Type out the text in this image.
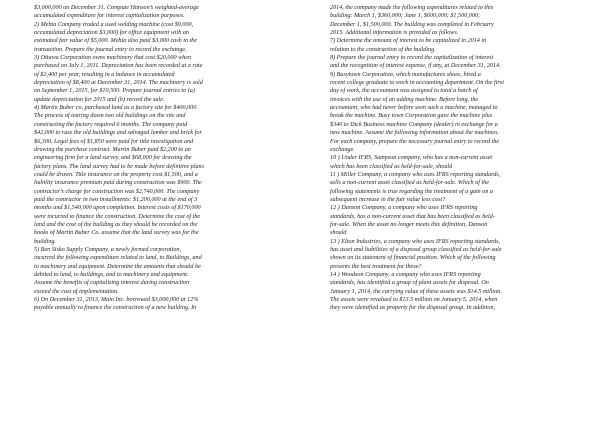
$3,000,000 on December 31. Compute Hanson’s weighted-average

accumulated expenditure for interest capitalization purposes.

2) Mehta Company traded a used welding machine (cost $9,000,

accumulated depreciation $3,000) for office equipment with an

estimated fair value of $5,000. Mehta also paid $3,000 cash in the

transaction. Prepare the journal entry to record the exchange.

3) Ottawa Corporation owns machinery that cost $20,000 when

purchased on July 1, 2011. Depreciation has been recorded at a rate

of $2,400 per year, resulting in a balance in accumulated

depreciation of $8,400 at December 31, 2014. The machinery is sold

on September 1, 2015, for $10,500. Prepare journal entries to (a)

update depreciation for 2015 and (b) record the sale.

4) Martin Buber co. purchased land as a factory site for $400,000.

The process of tearing down two old buildings on the site and

constructing the factory required 6 months. The company paid

$42,000 to raze the old buildings and salvaged lumber and brick for

$6,300. Legal fees of $1,850 were paid for title investigation and

drawing the purchase contract. Martin Buber paid $2,200 to an

engineering firm for a land survey, and $68,000 for drawing the

factory plans. The land survey had to be made before definitive plans

could be drawn. Title insurance on the property cost $1,500, and a

liability insurance premium paid during construction was $900. The

contractor’s charge for construction was $2,740,000. The company

paid the contractor in two installments: $1,200,000 at the end of 3

months and $1,540,000 upon completion. Interest costs of $170,000

were incurred to finance the construction. Determine the cost of the

land and the cost of the building as they should be recorded on the

books of Martin Buber Co. assume that the land survey was for the

building.

5) Ben Sisko Supply Company, a newly formed corporation,

incurred the following expenditure related to land, to Buildings, and

to machinery and equipment. Determine the amounts that should be

debited to land, to buildings, and to machinery and equipment.

Assume the benefits of capitalizing interest during construction

exceed the cost of implementation.

6) On December 31, 2013, Main Inc. borrowed $3,000,000 at 12%

payable annually to finance the construction of a new building. In

2014, the company made the following expenditures related to this

building: March 1, $360,000; June 1, $600,000; $1,500,000;

December 1, $1,500,000. The building was completed in February

2015. Additional information is provided as follows.

7) Determine the amount of interest to be capitalized in 2014 in

relation to the construction of the building.

8) Prepare the journal entry to record the capitalization of interest

and the recognition of interest expense, if any, at December 31, 2014.

9) Busytown Corporation, which manufactures shoes, hired a

recent college graduate to work in accounting department. On the first

day of work, the accountant was assigned to total a batch of

invoices with the use of an adding machine. Before long, the

accountant, who had never before seen such a machine, managed to

break the machine. Busy town Corporation gave the machine plus

$340 to Dick Business machine Company (dealer) in exchange for a

new machine. Assume the following information about the machines.

For each company, prepare the necessary journal entry to record the

exchange.

10 ) Under IFRS, Sampson company, who has a non-current asset

which has been classified as held-for-sale, should

11 ) Miller Company, a company who uses IFRS reporting standards,

sells a non-current asset classified as held-for-sale. Which of the

following statements is true regarding the treatment of a gain on a

subsequent increase in the fair value less cost?

12 ) Danson Company, a company who uses IFRS reporting

standards, has a non-current asset that has been classified as held-

for-sale. When the asset no longer meets this definition, Danson

should

13 ) Elton Industries, a company who uses IFRS reporting standards,

has asset and liabilities of a disposal group classified as held-for-sale

shown on its statement of financial position. Which of the following

presents the best treatment for these?

14 ) Woodson Company, a company who uses IFRS reporting

standards, has identified a group of plant assets for disposal. On

January 1, 2014, the carrying value of these assets was $14.5 million.

The assets were revalued to $13.5 million on January 5, 2014, when

they were identified as property for the disposal group. In addition,
